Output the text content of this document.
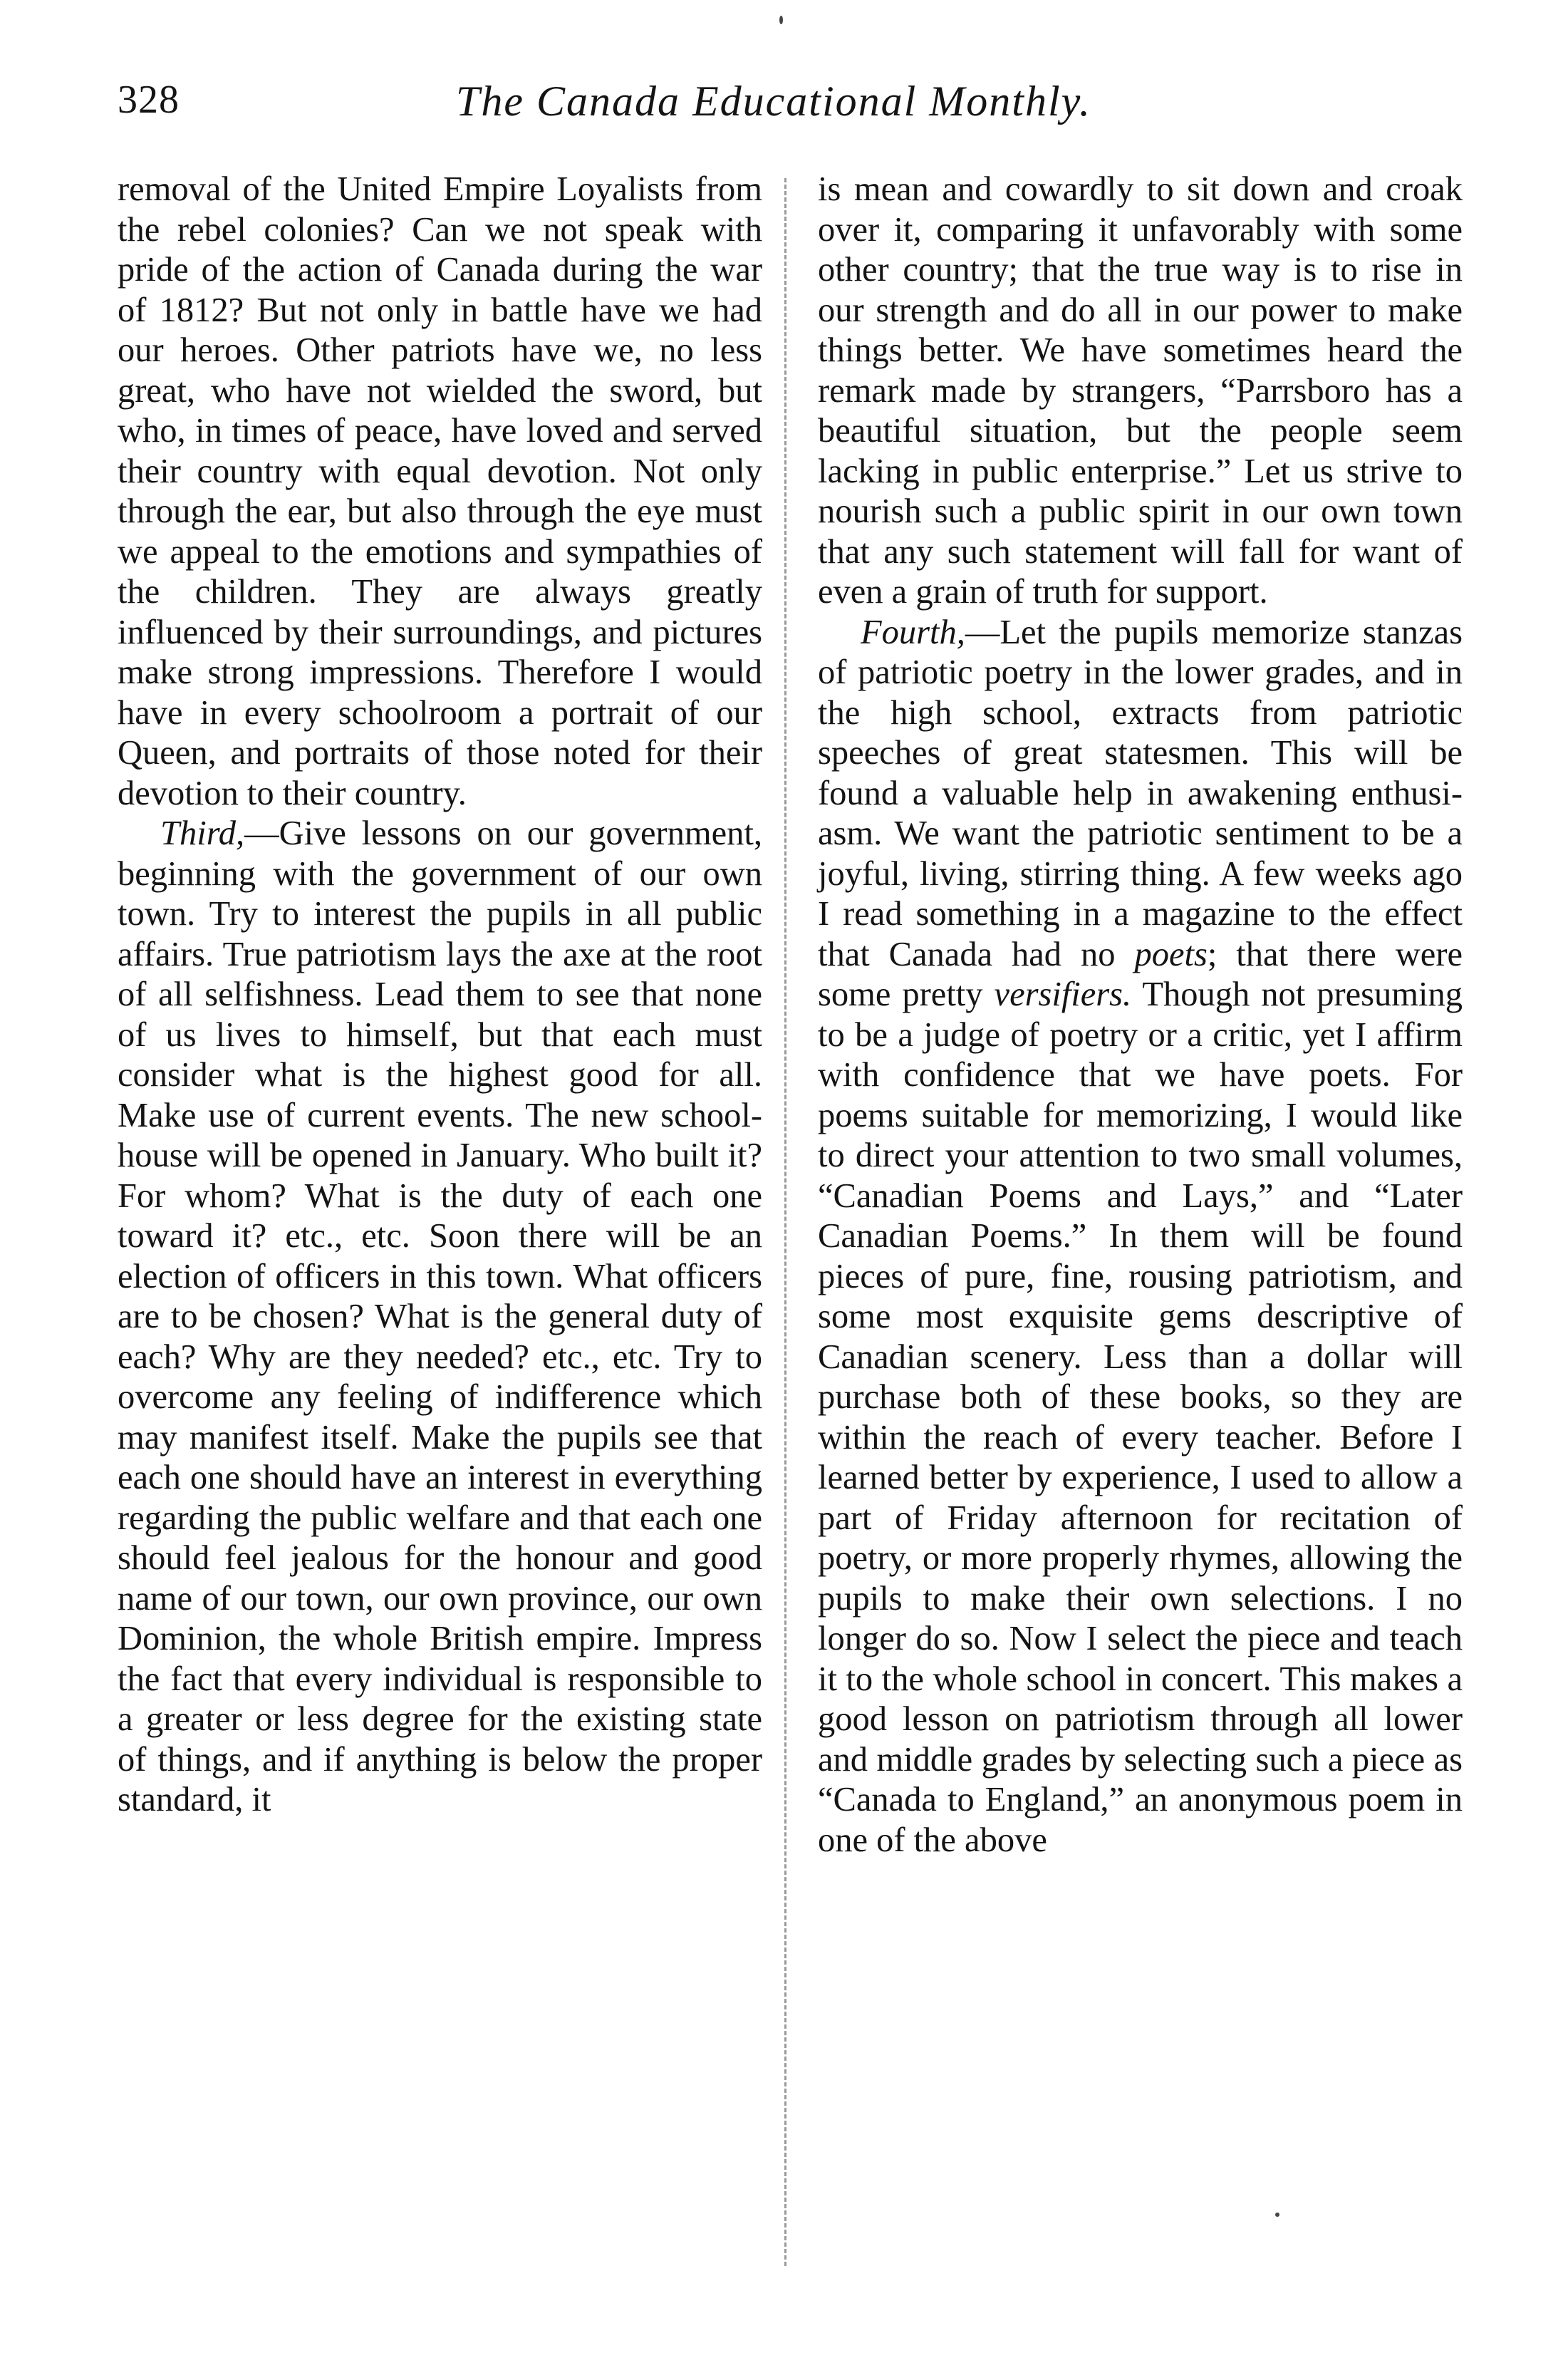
328	The Canada Educational Monthly.

removal of the United Empire Loyalists from the rebel colonies? Can we not speak with pride of the action of Canada during the war of 1812? But not only in battle have we had our heroes. Other patriots have we, no less great, who have not wielded the sword, but who, in times of peace, have loved and served their country with equal devotion. Not only through the ear, but also through the eye must we appeal to the emotions and sympathies of the children. They are always greatly influenced by their surroundings, and pictures make strong impressions. Therefore I would have in every schoolroom a portrait of our Queen, and portraits of those noted for their devotion to their country.

Third,—Give lessons on our government, beginning with the government of our own town. Try to interest the pupils in all public affairs. True patriotism lays the axe at the root of all selfishness. Lead them to see that none of us lives to himself, but that each must consider what is the highest good for all. Make use of current events. The new schoolhouse will be opened in January. Who built it? For whom? What is the duty of each one toward it? etc., etc. Soon there will be an election of officers in this town. What officers are to be chosen? What is the general duty of each? Why are they needed? etc., etc. Try to overcome any feeling of indifference which may manifest itself. Make the pupils see that each one should have an interest in everything regarding the public welfare and that each one should feel jealous for the honour and good name of our town, our own province, our own Dominion, the whole British empire. Impress the fact that every individual is responsible to a greater or less degree for the existing state of things, and if anything is below the proper standard, it

is mean and cowardly to sit down and croak over it, comparing it unfavorably with some other country; that the true way is to rise in our strength and do all in our power to make things better. We have sometimes heard the remark made by strangers, “Parrsboro has a beautiful situation, but the people seem lacking in public enterprise.” Let us strive to nourish such a public spirit in our own town that any such statement will fall for want of even a grain of truth for support.

Fourth,—Let the pupils memorize stanzas of patriotic poetry in the lower grades, and in the high school, extracts from patriotic speeches of great statesmen. This will be found a valuable help in awakening enthusiasm. We want the patriotic sentiment to be a joyful, living, stirring thing. A few weeks ago I read something in a magazine to the effect that Canada had no poets; that there were some pretty versifiers. Though not presuming to be a judge of poetry or a critic, yet I affirm with confidence that we have poets. For poems suitable for memorizing, I would like to direct your attention to two small volumes, “Canadian Poems and Lays,” and “Later Canadian Poems.” In them will be found pieces of pure, fine, rousing patriotism, and some most exquisite gems descriptive of Canadian scenery. Less than a dollar will purchase both of these books, so they are within the reach of every teacher. Before I learned better by experience, I used to allow a part of Friday afternoon for recitation of poetry, or more properly rhymes, allowing the pupils to make their own selections. I no longer do so. Now I select the piece and teach it to the whole school in concert. This makes a good lesson on patriotism through all lower and middle grades by selecting such a piece as “Canada to England,” an anonymous poem in one of the above
